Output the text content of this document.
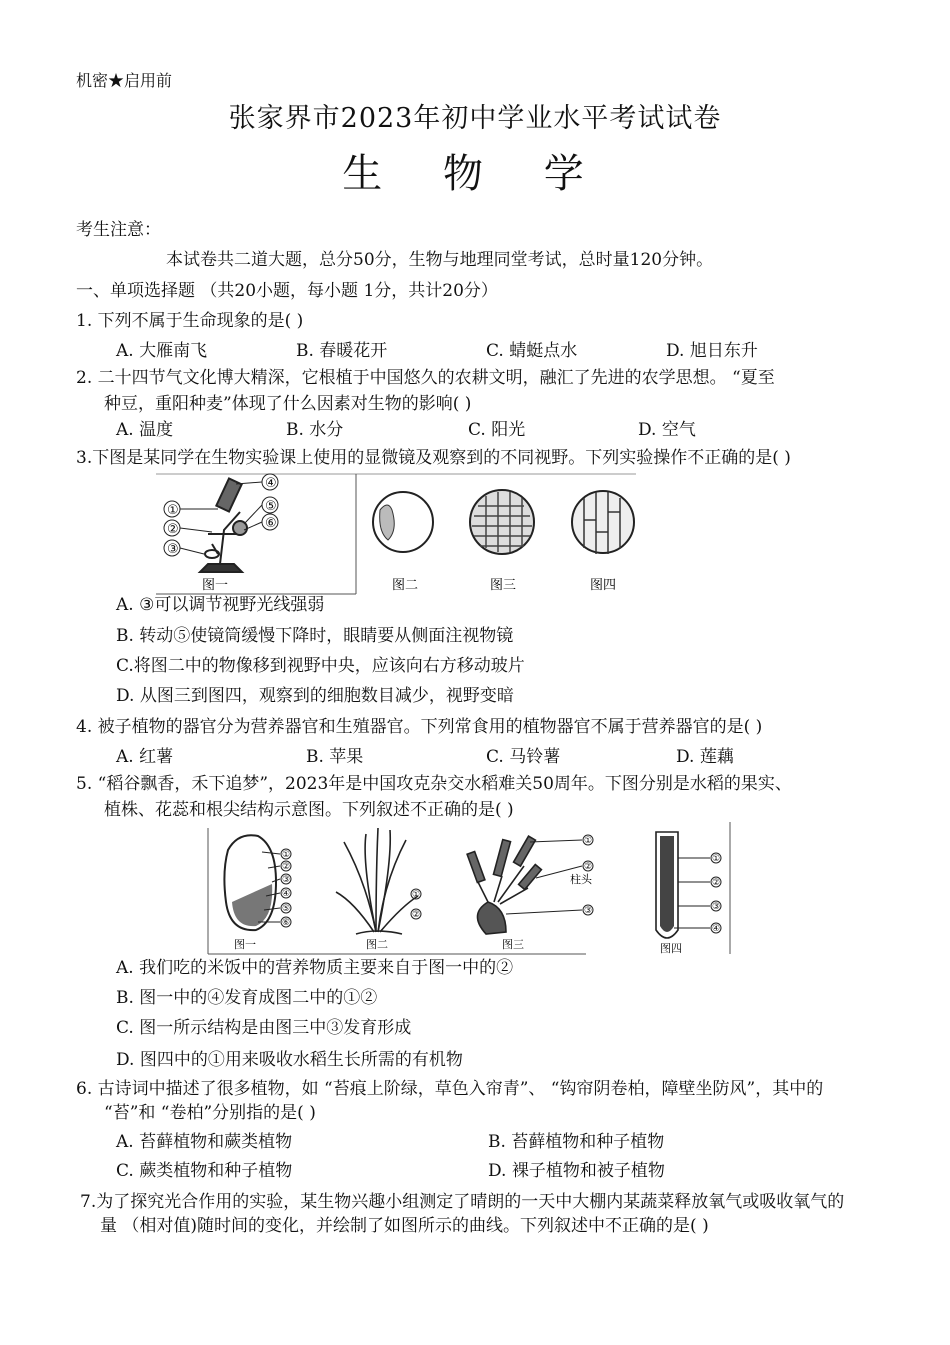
机密★启用前
张家界市2023年初中学业水平考试试卷
生 物 学
考生注意：
本试卷共二道大题，总分50分，生物与地理同堂考试，总时量120分钟。
一、单项选择题 （共20小题，每小题 1分，共计20分）
1. 下列不属于生命现象的是( )
A. 大雁南飞	B. 春暖花开	C. 蜻蜓点水	D. 旭日东升
2. 二十四节气文化博大精深，它根植于中国悠久的农耕文明，融汇了先进的农学思想。 “夏至
种豆，重阳种麦”体现了什么因素对生物的影响( )
A. 温度	B. 水分	C. 阳光	D. 空气
3.下图是某同学在生物实验课上使用的显微镜及观察到的不同视野。下列实验操作不正确的是( )
①
②
③
④
⑤
⑥
图一	图二	图三	图四
A. ③可以调节视野光线强弱
B. 转动⑤使镜筒缓慢下降时，眼睛要从侧面注视物镜
C.将图二中的物像移到视野中央，应该向右方移动玻片
D. 从图三到图四，观察到的细胞数目减少，视野变暗
4. 被子植物的器官分为营养器官和生殖器官。下列常食用的植物器官不属于营养器官的是( )
A. 红薯	B. 苹果	C. 马铃薯	D. 莲藕
5. “稻谷飘香，禾下追梦”，2023年是中国攻克杂交水稻难关50周年。下图分别是水稻的果实、
植株、花蕊和根尖结构示意图。下列叙述不正确的是( )
①
②
③
④
⑤
⑥
图一
①
②
图二
①
②
③
柱头
图三
①
②
③
④
图四
A. 我们吃的米饭中的营养物质主要来自于图一中的②
B. 图一中的④发育成图二中的①②
C. 图一所示结构是由图三中③发育形成
D. 图四中的①用来吸收水稻生长所需的有机物
6. 古诗词中描述了很多植物，如 “苔痕上阶绿，草色入帘青”、 “钩帘阴卷柏，障壁坐防风”，其中的
“苔”和 “卷柏”分别指的是( )
A. 苔藓植物和蕨类植物	B. 苔藓植物和种子植物
C. 蕨类植物和种子植物	D. 裸子植物和被子植物
7.为了探究光合作用的实验，某生物兴趣小组测定了晴朗的一天中大棚内某蔬菜释放氧气或吸收氧气的
量 （相对值)随时间的变化，并绘制了如图所示的曲线。下列叙述中不正确的是( )
